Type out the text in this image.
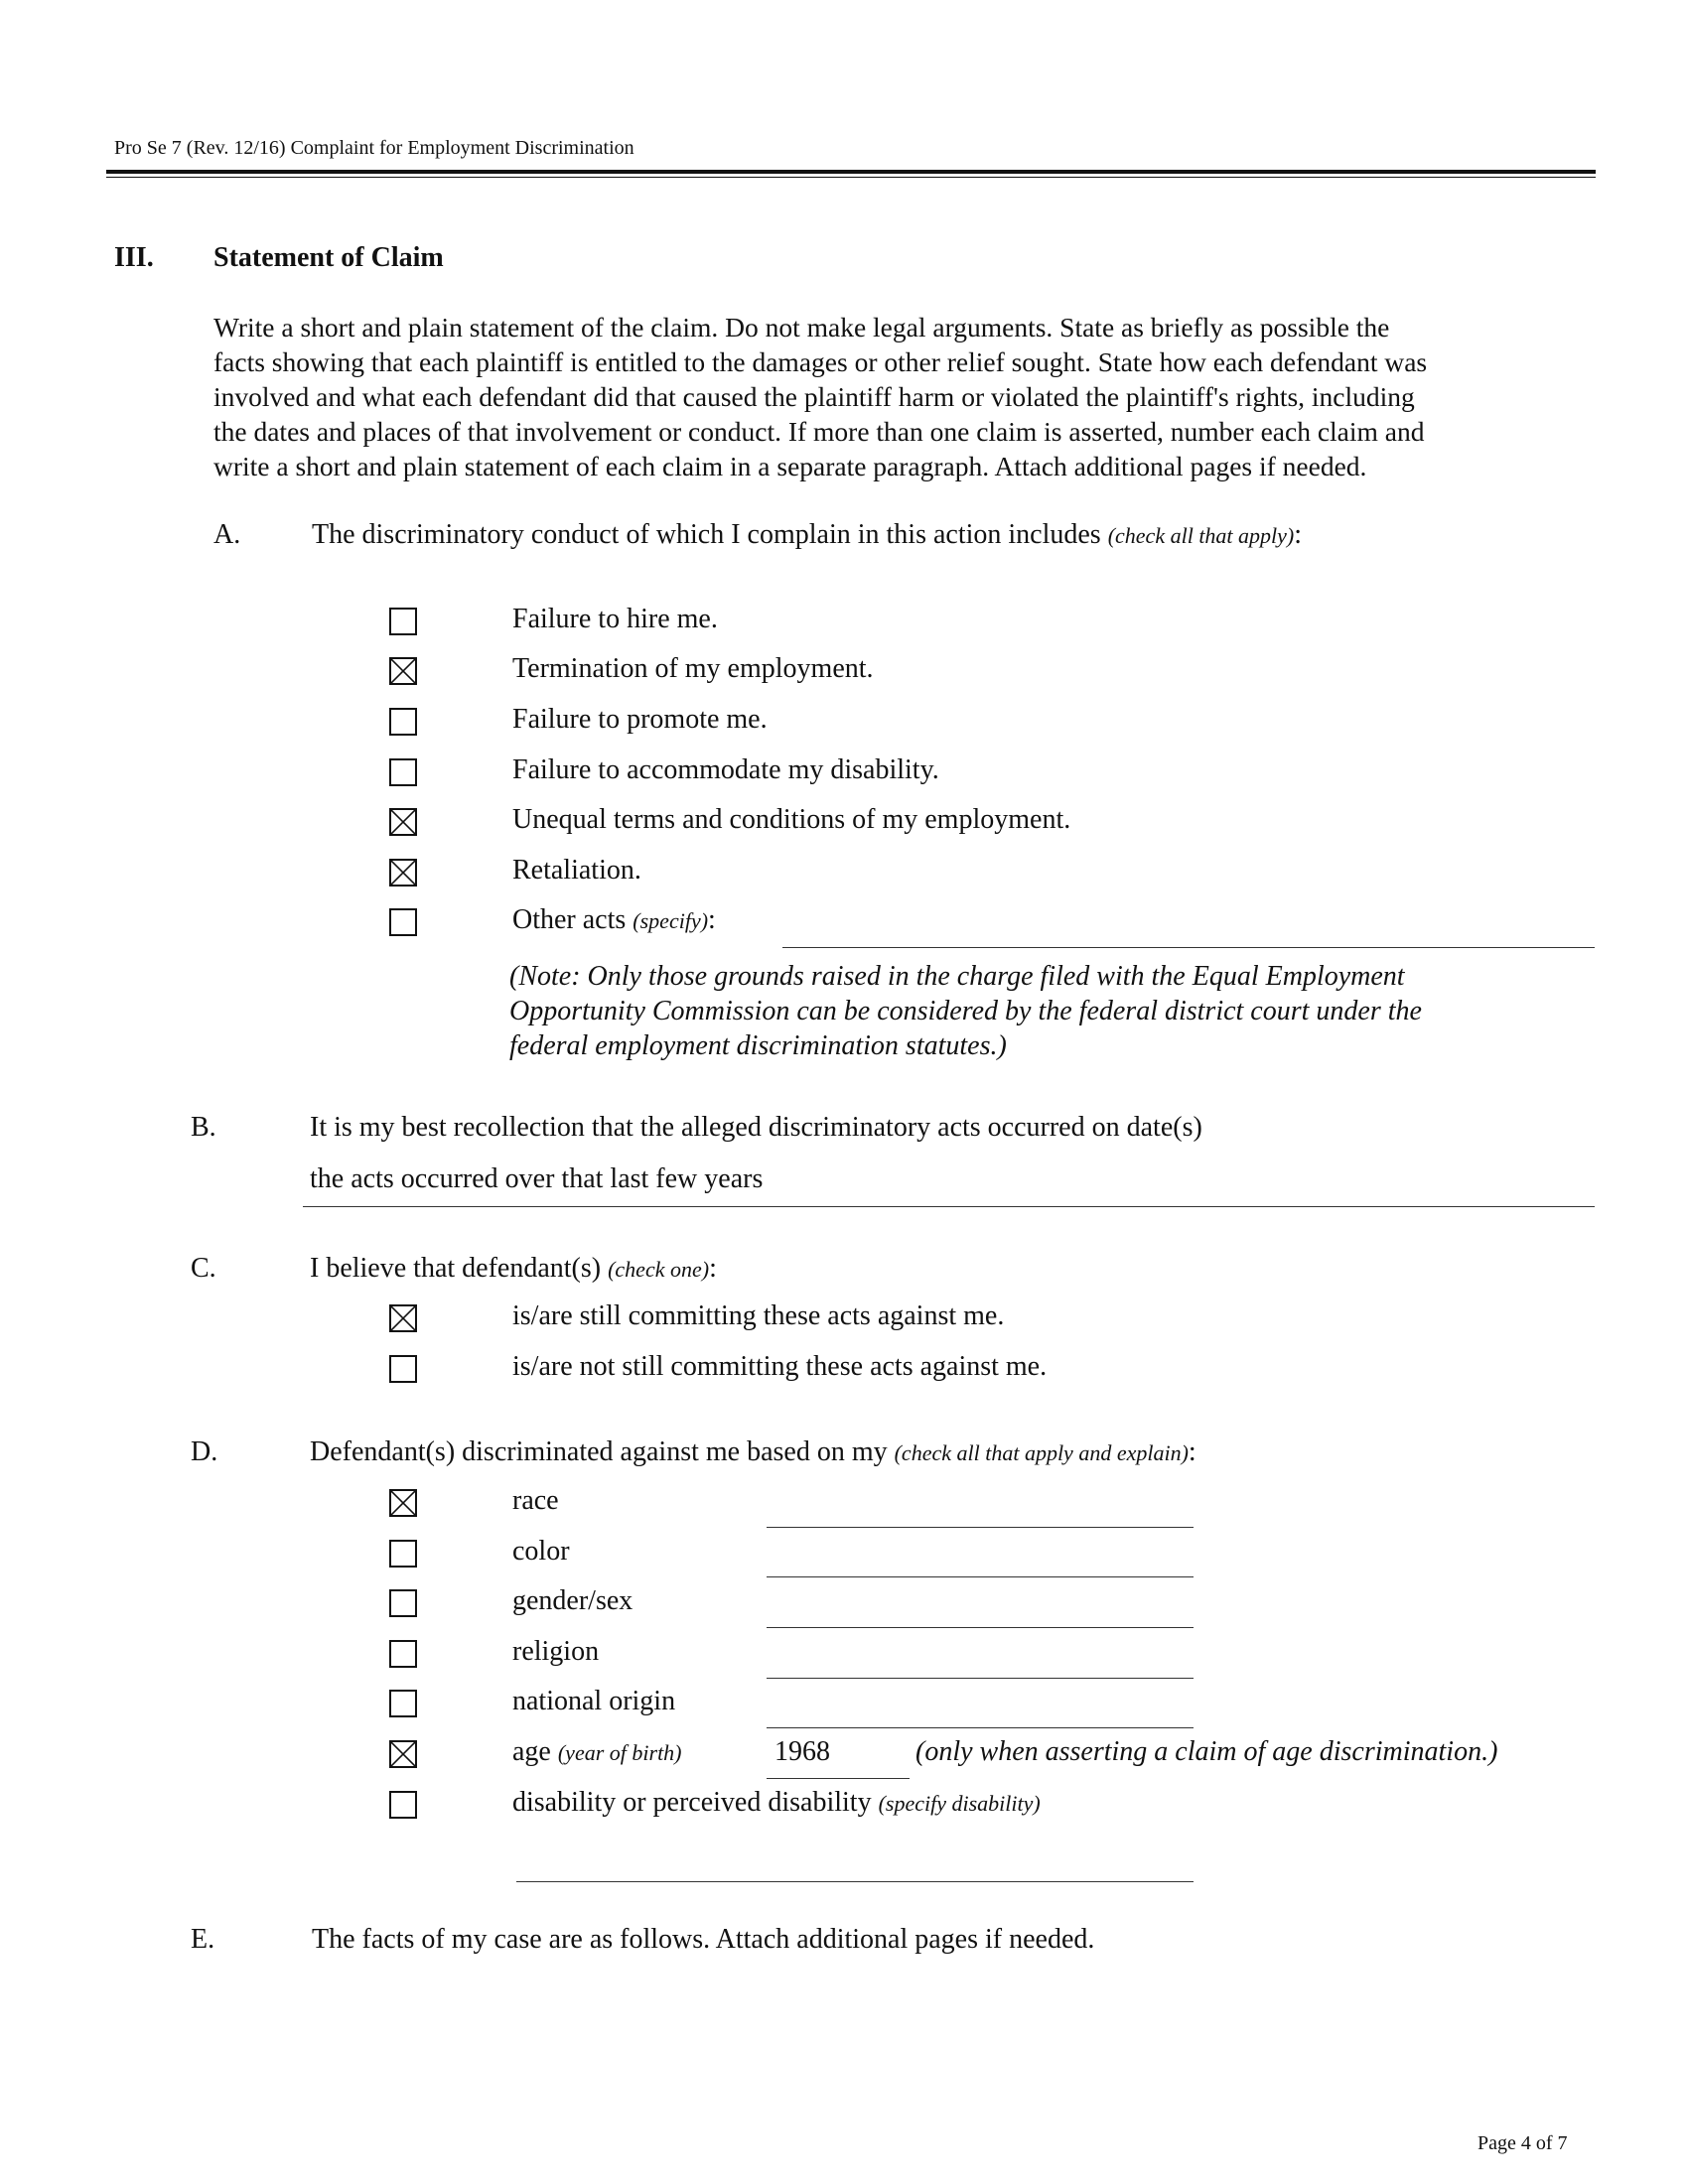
Pro Se 7 (Rev. 12/16) Complaint for Employment Discrimination
III. Statement of Claim
Write a short and plain statement of the claim. Do not make legal arguments. State as briefly as possible the
facts showing that each plaintiff is entitled to the damages or other relief sought. State how each defendant was
involved and what each defendant did that caused the plaintiff harm or violated the plaintiff's rights, including
the dates and places of that involvement or conduct. If more than one claim is asserted, number each claim and
write a short and plain statement of each claim in a separate paragraph. Attach additional pages if needed.
A.	The discriminatory conduct of which I complain in this action includes (check all that apply):
Failure to hire me.
Termination of my employment.
Failure to promote me.
Failure to accommodate my disability.
Unequal terms and conditions of my employment.
Retaliation.
Other acts (specify):
(Note: Only those grounds raised in the charge filed with the Equal Employment
Opportunity Commission can be considered by the federal district court under the
federal employment discrimination statutes.)
B.	It is my best recollection that the alleged discriminatory acts occurred on date(s)
the acts occurred over that last few years
C.	I believe that defendant(s) (check one):
is/are still committing these acts against me.
is/are not still committing these acts against me.
D.	Defendant(s) discriminated against me based on my (check all that apply and explain):
race
color
gender/sex
religion
national origin
age (year of birth)	1968	(only when asserting a claim of age discrimination.)
disability or perceived disability (specify disability)
E.	The facts of my case are as follows. Attach additional pages if needed.
Page 4 of 7
